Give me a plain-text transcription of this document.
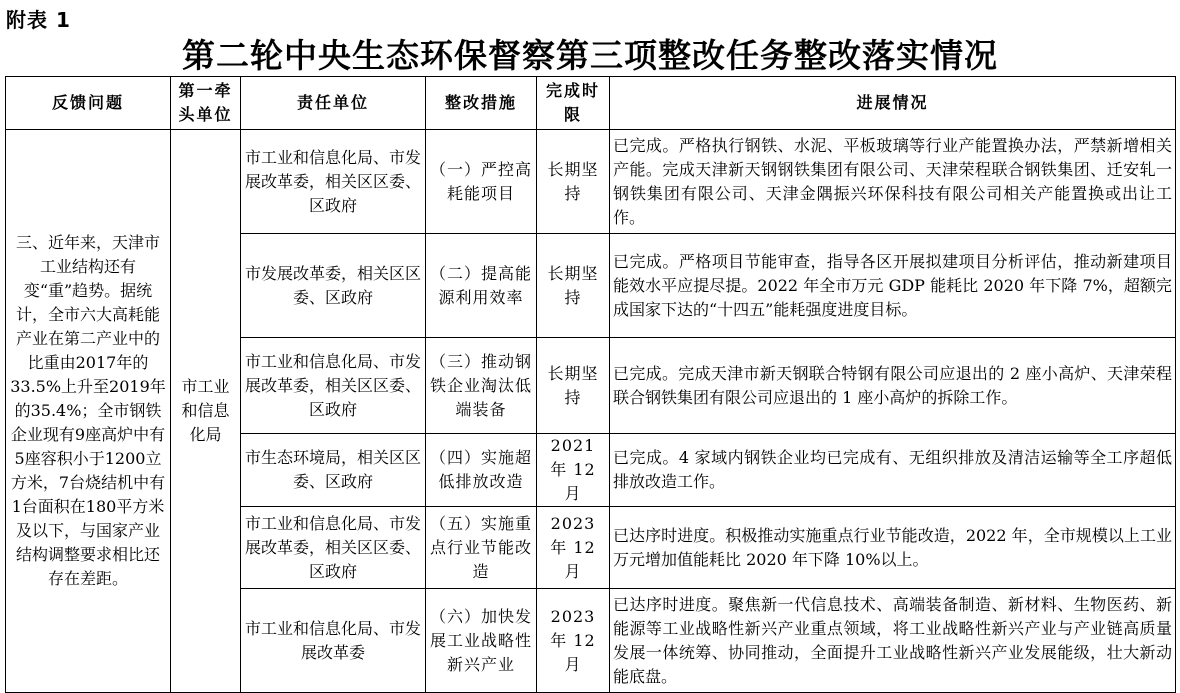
附表 1
第二轮中央生态环保督察第三项整改任务整改落实情况
反馈问题	第一牵头单位	责任单位	整改措施	完成时限	进展情况
三、近年来，天津市工业结构还有变“重”趋势。据统计，全市六大高耗能产业在第二产业中的比重由2017年的33.5%上升至2019年的35.4%；全市钢铁企业现有9座高炉中有5座容积小于1200立方米，7台烧结机中有1台面积在180平方米及以下，与国家产业结构调整要求相比还存在差距。	市工业和信息化局	市工业和信息化局、市发展改革委，相关区区委、区政府	（一）严控高耗能项目	长期坚持	已完成。严格执行钢铁、水泥、平板玻璃等行业产能置换办法，严禁新增相关产能。完成天津新天钢钢铁集团有限公司、天津荣程联合钢铁集团、迁安轧一钢铁集团有限公司、天津金隅振兴环保科技有限公司相关产能置换或出让工作。
		市发展改革委，相关区区委、区政府	（二）提高能源利用效率	长期坚持	已完成。严格项目节能审查，指导各区开展拟建项目分析评估，推动新建项目能效水平应提尽提。2022 年全市万元 GDP 能耗比 2020 年下降 7%，超额完成国家下达的“十四五”能耗强度进度目标。
		市工业和信息化局、市发展改革委，相关区区委、区政府	（三）推动钢铁企业淘汰低端装备	长期坚持	已完成。完成天津市新天钢联合特钢有限公司应退出的 2 座小高炉、天津荣程联合钢铁集团有限公司应退出的 1 座小高炉的拆除工作。
		市生态环境局，相关区区委、区政府	（四）实施超低排放改造	2021 年 12 月	已完成。4 家域内钢铁企业均已完成有、无组织排放及清洁运输等全工序超低排放改造工作。
		市工业和信息化局、市发展改革委，相关区区委、区政府	（五）实施重点行业节能改造	2023 年 12 月	已达序时进度。积极推动实施重点行业节能改造，2022 年，全市规模以上工业万元增加值能耗比 2020 年下降 10%以上。
		市工业和信息化局、市发展改革委	（六）加快发展工业战略性新兴产业	2023 年 12 月	已达序时进度。聚焦新一代信息技术、高端装备制造、新材料、生物医药、新能源等工业战略性新兴产业重点领域，将工业战略性新兴产业与产业链高质量发展一体统筹、协同推动，全面提升工业战略性新兴产业发展能级，壮大新动能底盘。
